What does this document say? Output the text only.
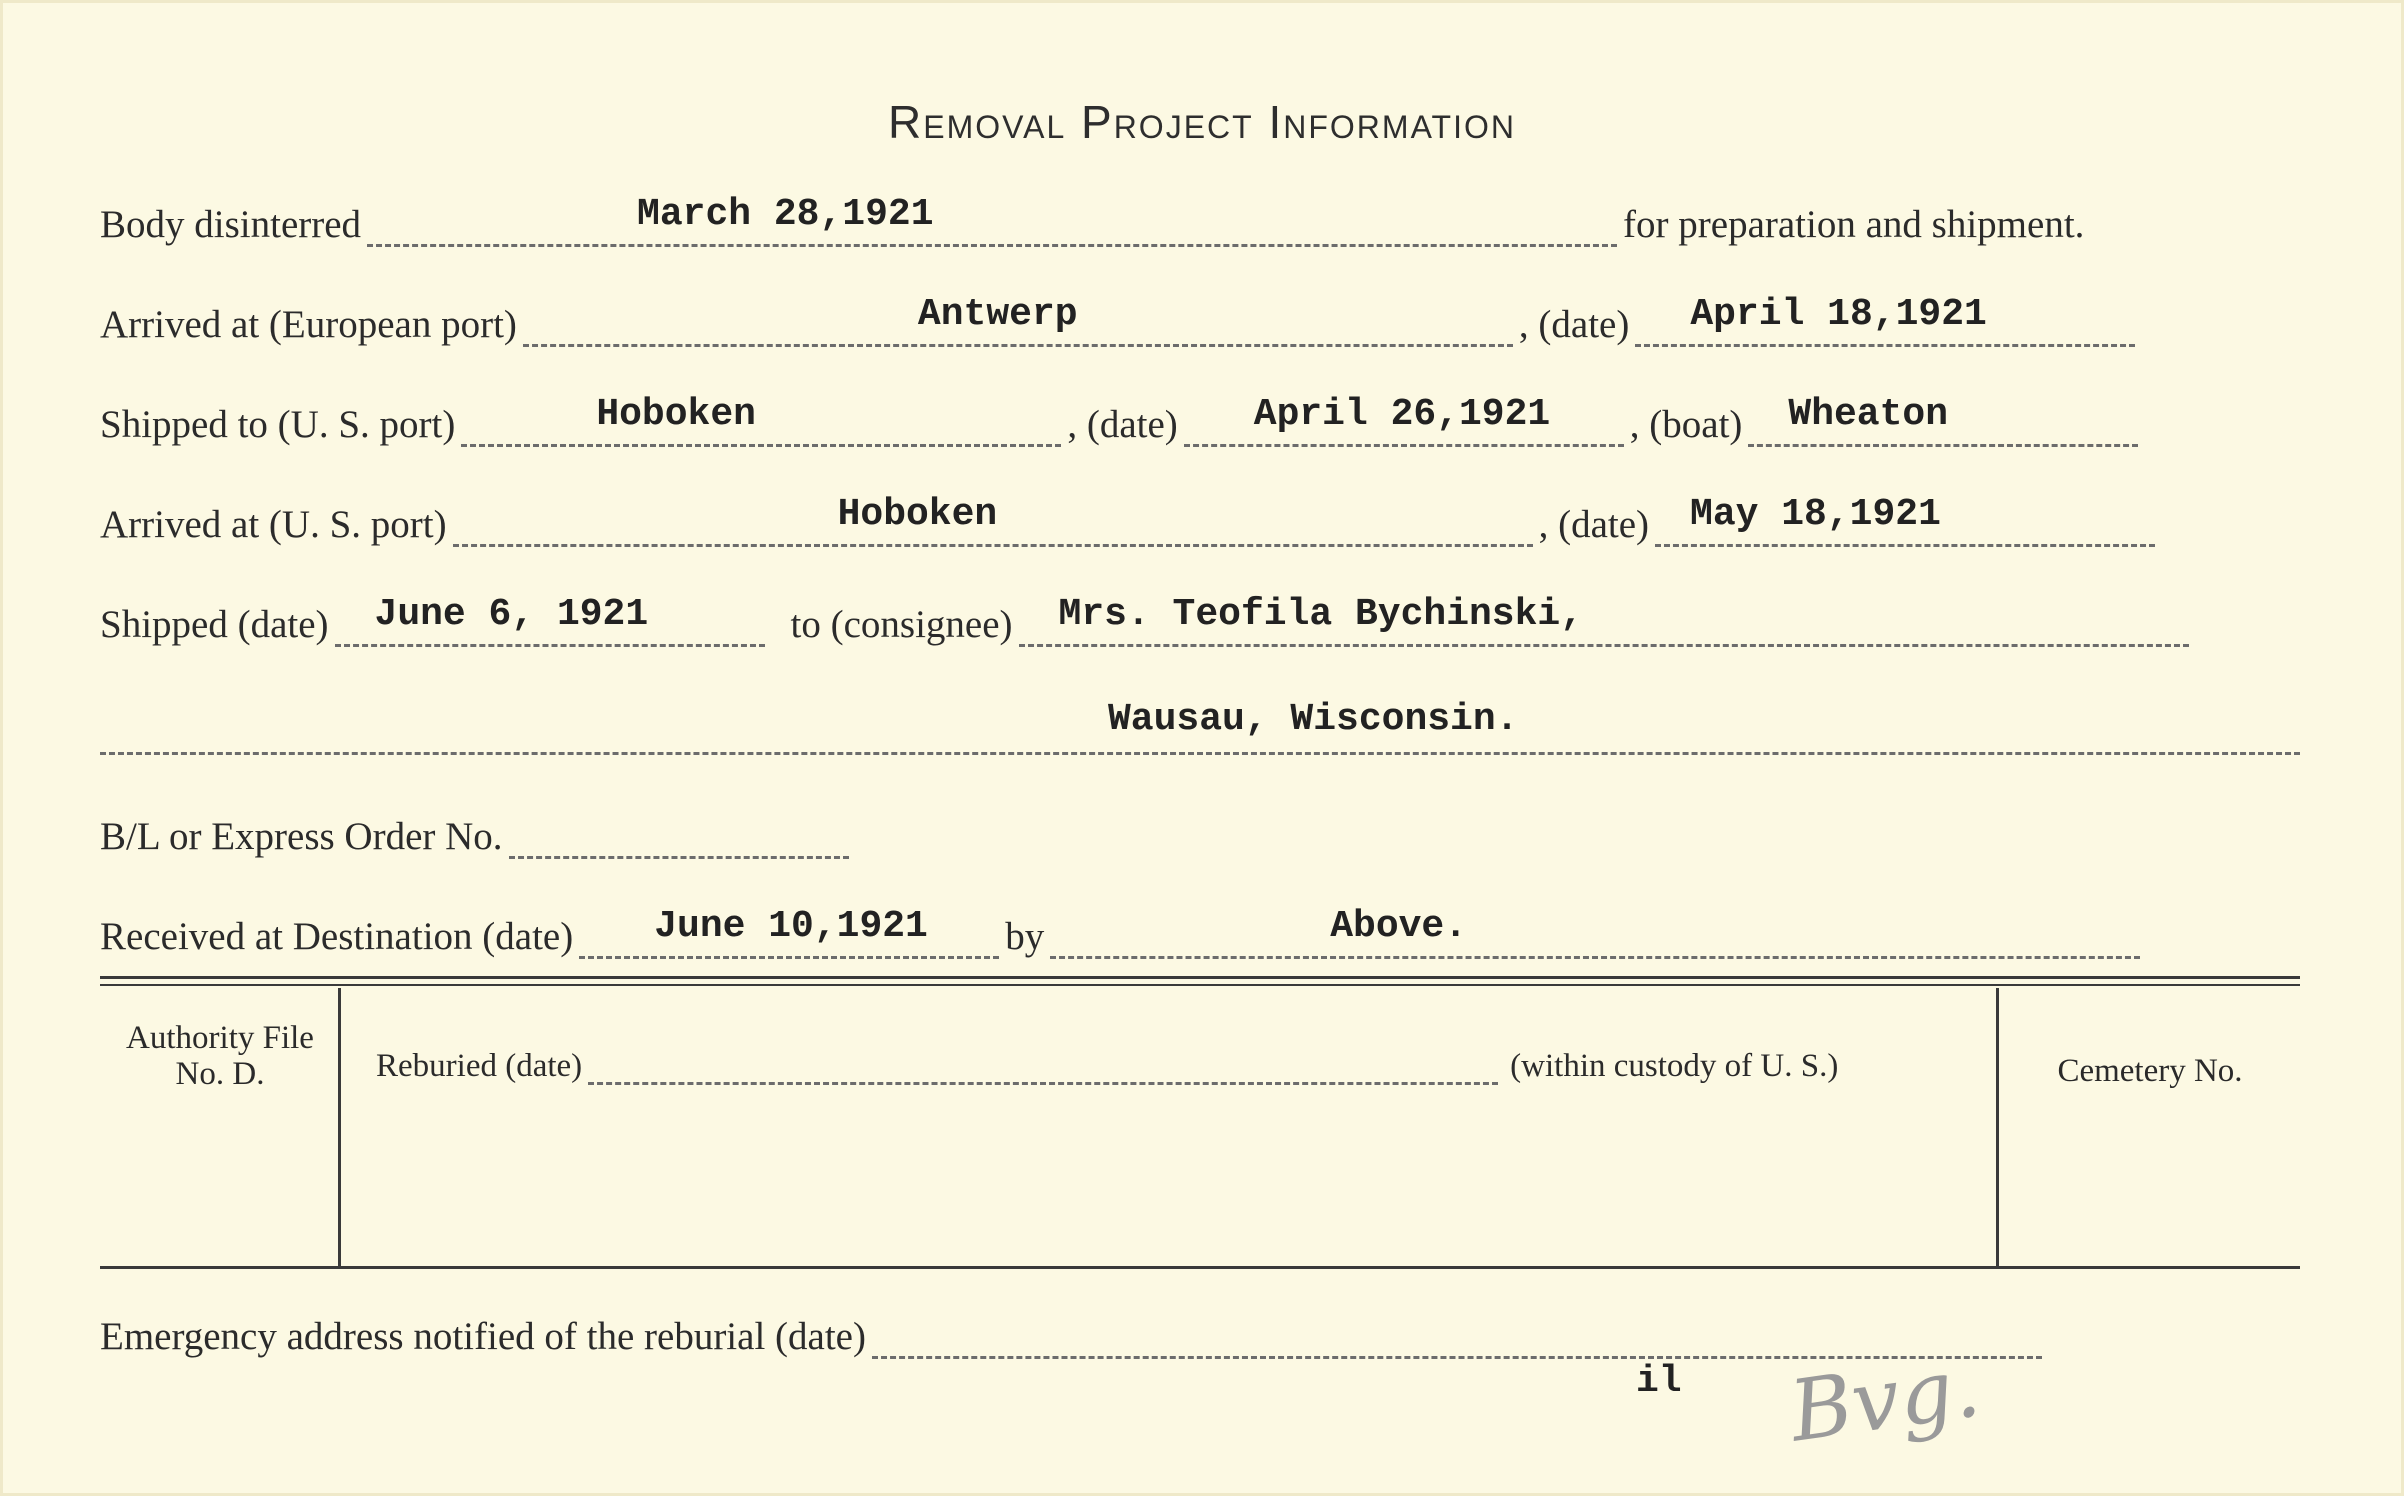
Removal Project Information
Body disinterred	March 28,1921	for preparation and shipment.
Arrived at (European port)	Antwerp	, (date) April 18,1921
Shipped to (U. S. port)	Hoboken	, (date) April 26,1921 , (boat) Wheaton
Arrived at (U. S. port)	Hoboken	, (date) May 18,1921
Shipped (date) June 6, 1921	to (consignee) Mrs. Teofila Bychinski,
Wausau, Wisconsin.
B/L or Express Order No.
Received at Destination (date) June 10,1921 by	Above.
Authority File No. D.	Reburied (date)	(within custody of U. S.)	Cemetery No.
Emergency address notified of the reburial (date)
il Bvg.
